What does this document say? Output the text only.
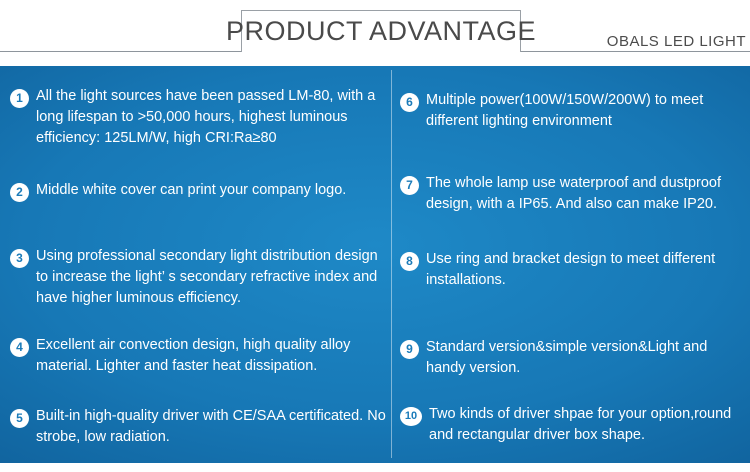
PRODUCT ADVANTAGE	OBALS LED LIGHT
1 All the light sources have been passed LM-80, with a long lifespan to >50,000 hours, highest luminous efficiency: 125LM/W, high CRI:Ra≥80
2 Middle white cover can print your company logo.
3 Using professional secondary light distribution design to increase the light’ s secondary refractive index and have higher luminous efficiency.
4 Excellent air convection design, high quality alloy material. Lighter and faster heat dissipation.
5 Built-in high-quality driver with CE/SAA certificated. No strobe, low radiation.
6 Multiple power(100W/150W/200W) to meet different lighting environment
7 The whole lamp use waterproof and dustproof design, with a IP65. And also can make IP20.
8 Use ring and bracket design to meet different installations.
9 Standard version&simple version&Light and handy version.
10 Two kinds of driver shpae for your option,round and rectangular driver box shape.
